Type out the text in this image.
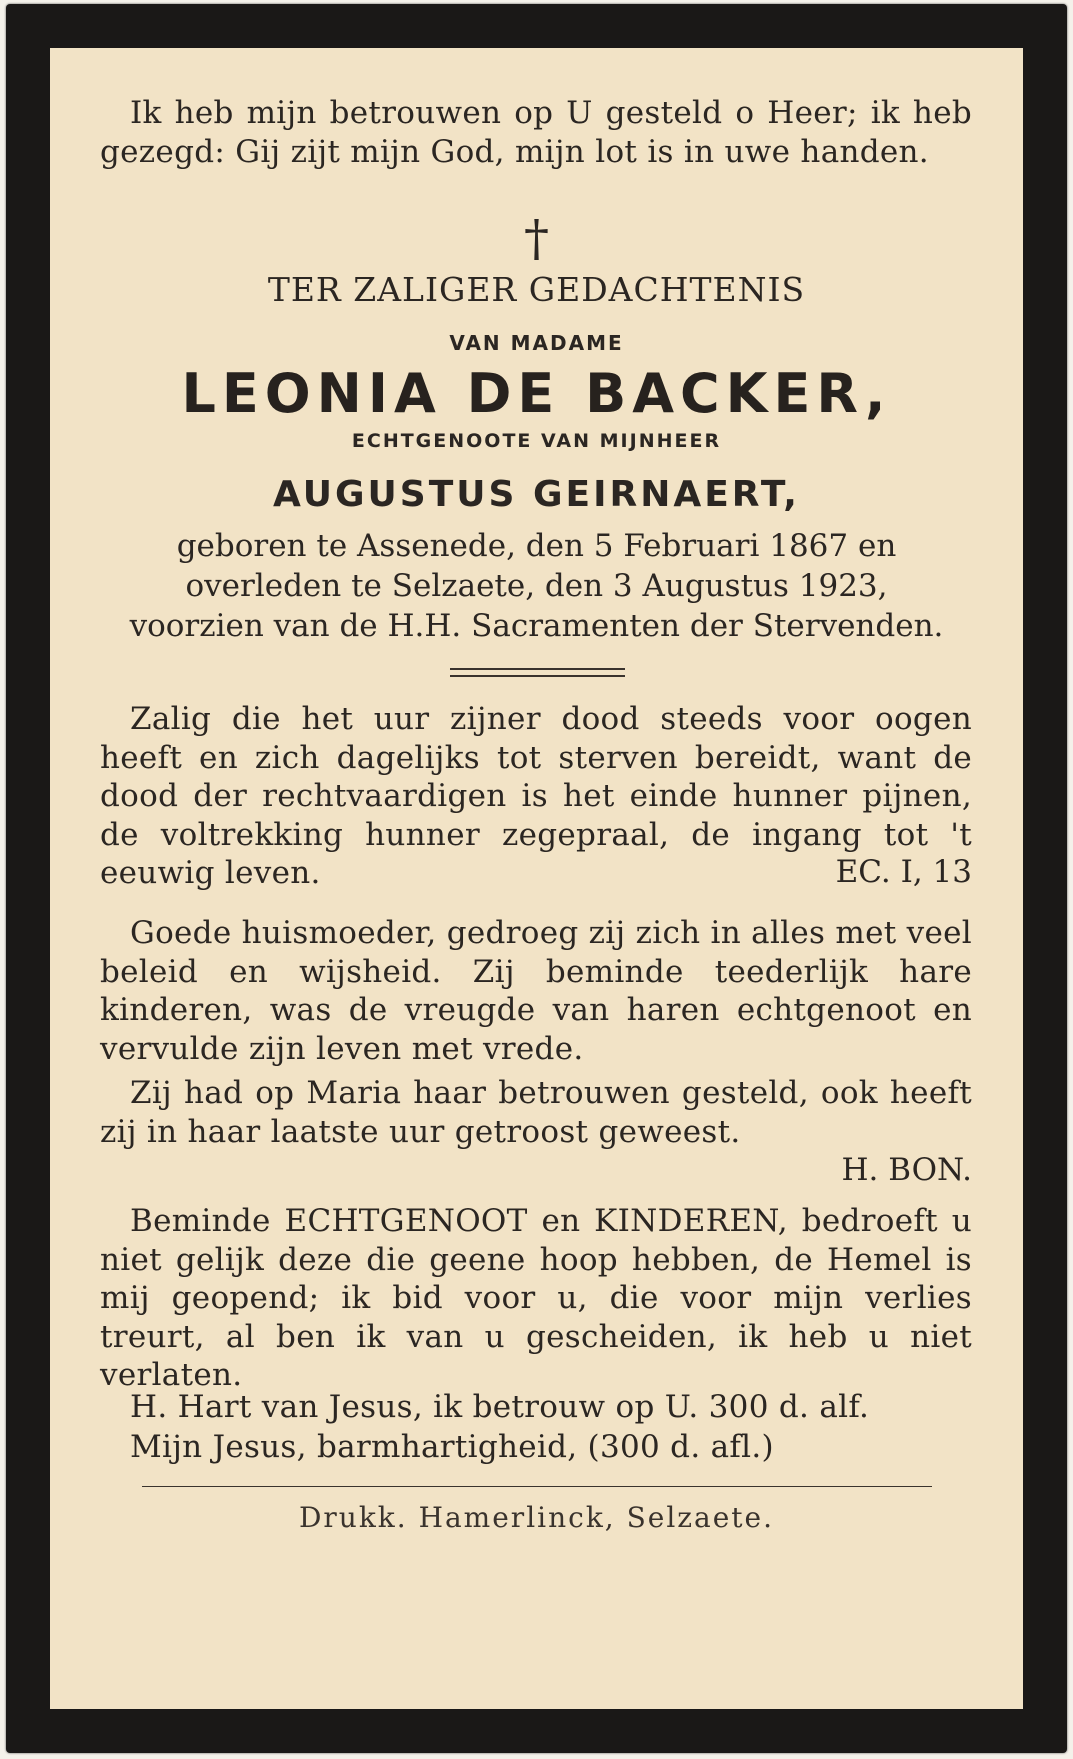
Ik heb mijn betrouwen op U gesteld o Heer; ik heb gezegd: Gij zijt mijn God, mijn lot is in uwe handen.
†
TER ZALIGER GEDACHTENIS
VAN MADAME
LEONIA DE BACKER,
ECHTGENOOTE VAN MIJNHEER
AUGUSTUS GEIRNAERT,
geboren te Assenede, den 5 Februari 1867 en
overleden te Selzaete, den 3 Augustus 1923,
voorzien van de H.H. Sacramenten der Stervenden.
Zalig die het uur zijner dood steeds voor oogen heeft en zich dagelijks tot sterven bereidt, want de dood der rechtvaardigen is het einde hunner pijnen, de voltrekking hunner zegepraal, de ingang tot 't eeuwig leven.	EC. I, 13
Goede huismoeder, gedroeg zij zich in alles met veel beleid en wijsheid. Zij beminde teederlijk hare kinderen, was de vreugde van haren echtgenoot en vervulde zijn leven met vrede.
Zij had op Maria haar betrouwen gesteld, ook heeft zij in haar laatste uur getroost geweest.
H. BON.
Beminde ECHTGENOOT en KINDEREN, bedroeft u niet gelijk deze die geene hoop hebben, de Hemel is mij geopend; ik bid voor u, die voor mijn verlies treurt, al ben ik van u gescheiden, ik heb u niet verlaten.
H. Hart van Jesus, ik betrouw op U. 300 d. alf.
Mijn Jesus, barmhartigheid, (300 d. afl.)
Drukk. Hamerlinck, Selzaete.
